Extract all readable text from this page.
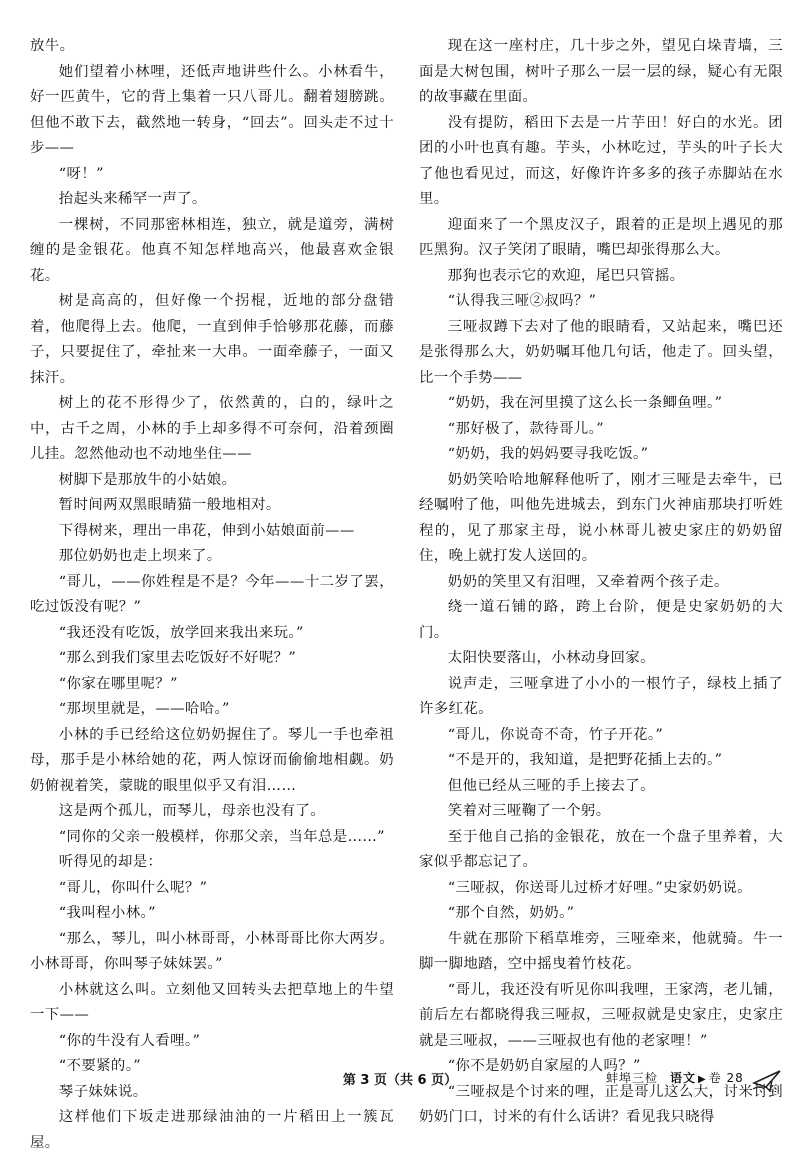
放牛。

她们望着小林哩，还低声地讲些什么。小林看牛，好一匹黄牛，它的背上集着一只八哥儿。翻着翅膀跳。但他不敢下去，截然地一转身，“回去”。回头走不过十步——

“呀！”

抬起头来稀罕一声了。

一棵树，不同那密林相连，独立，就是道旁，满树缠的是金银花。他真不知怎样地高兴，他最喜欢金银花。

树是高高的，但好像一个拐棍，近地的部分盘错着，他爬得上去。他爬，一直到伸手恰够那花藤，而藤子，只要捉住了，牵扯来一大串。一面牵藤子，一面又抹汗。

树上的花不形得少了，依然黄的，白的，绿叶之中，古千之周，小林的手上却多得不可奈何，沿着颈圈儿挂。忽然他动也不动地坐住——

树脚下是那放牛的小姑娘。

暂时间两双黑眼睛猫一般地相对。

下得树来，理出一串花，伸到小姑娘面前——

那位奶奶也走上坝来了。

“哥儿，——你姓程是不是？今年——十二岁了罢，吃过饭没有呢？”

“我还没有吃饭，放学回来我出来玩。”

“那么到我们家里去吃饭好不好呢？”

“你家在哪里呢？”

“那坝里就是，——哈哈。”

小林的手已经给这位奶奶握住了。琴儿一手也牵祖母，那手是小林给她的花，两人惊讶而偷偷地相觑。奶奶俯视着笑，蒙眬的眼里似乎又有泪……

这是两个孤儿，而琴儿，母亲也没有了。

“同你的父亲一般模样，你那父亲，当年总是……”

听得见的却是：

“哥儿，你叫什么呢？”

“我叫程小林。”

“那么，琴儿，叫小林哥哥，小林哥哥比你大两岁。小林哥哥，你叫琴子妹妹罢。”

小林就这么叫。立刻他又回转头去把草地上的牛望一下——

“你的牛没有人看哩。”

“不要紧的。”

琴子妹妹说。

这样他们下坂走进那绿油油的一片稻田上一簇瓦屋。

现在这一座村庄，几十步之外，望见白垛青墙，三面是大树包围，树叶子那么一层一层的绿，疑心有无限的故事藏在里面。

没有提防，稻田下去是一片芋田！好白的水光。团团的小叶也真有趣。芋头，小林吃过，芋头的叶子长大了他也看见过，而这，好像许许多多的孩子赤脚站在水里。

迎面来了一个黑皮汉子，跟着的正是坝上遇见的那匹黑狗。汉子笑闭了眼睛，嘴巴却张得那么大。

那狗也表示它的欢迎，尾巴只管摇。

“认得我三哑②叔吗？”

三哑叔蹲下去对了他的眼睛看，又站起来，嘴巴还是张得那么大，奶奶嘱耳他几句话，他走了。回头望，比一个手势——

“奶奶，我在河里摸了这么长一条鲫鱼哩。”

“那好极了，款待哥儿。”

“奶奶，我的妈妈要寻我吃饭。”

奶奶笑哈哈地解释他听了，刚才三哑是去牵牛，已经嘱咐了他，叫他先进城去，到东门火神庙那块打听姓程的，见了那家主母，说小林哥儿被史家庄的奶奶留住，晚上就打发人送回的。

奶奶的笑里又有泪哩，又牵着两个孩子走。

绕一道石铺的路，跨上台阶，便是史家奶奶的大门。

太阳快要落山，小林动身回家。

说声走，三哑拿进了小小的一根竹子，绿枝上插了许多红花。

“哥儿，你说奇不奇，竹子开花。”

“不是开的，我知道，是把野花插上去的。”

但他已经从三哑的手上接去了。

笑着对三哑鞠了一个躬。

至于他自己掐的金银花，放在一个盘子里养着，大家似乎都忘记了。

“三哑叔，你送哥儿过桥才好哩。”史家奶奶说。

“那个自然，奶奶。”

牛就在那阶下稻草堆旁，三哑牵来，他就骑。牛一脚一脚地踏，空中摇曳着竹枝花。

“哥儿，我还没有听见你叫我哩，王家湾，老儿铺，前后左右都晓得我三哑叔，三哑叔就是史家庄，史家庄就是三哑叔，——三哑叔也有他的老家哩！”

“你不是奶奶自家屋的人吗？”

“三哑叔是个讨来的哩，正是哥儿这么大，讨米讨到奶奶门口，讨米的有什么话讲？看见我只晓得

第 3 页（共 6 页）	蚌埠三检 语文 ▶ 卷 28
